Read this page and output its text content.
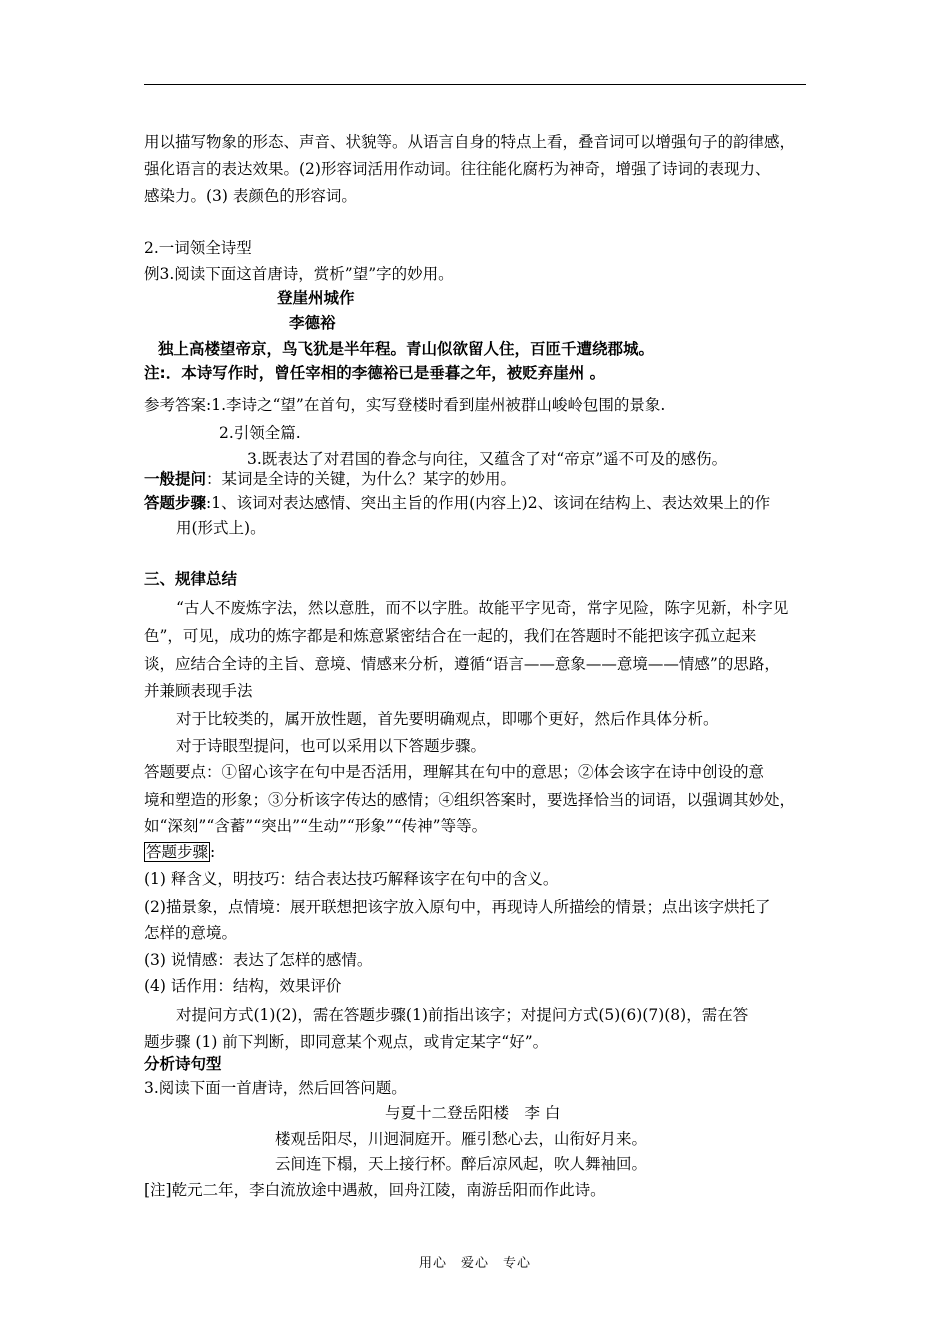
用以描写物象的形态、声音、状貌等。从语言自身的特点上看，叠音词可以增强句子的韵律感，
强化语言的表达效果。(2)形容词活用作动词。往往能化腐朽为神奇，增强了诗词的表现力、
感染力。(3) 表颜色的形容词。
2.一词领全诗型
例3.阅读下面这首唐诗，赏析”望”字的妙用。
登崖州城作
李德裕
独上高楼望帝京，鸟飞犹是半年程。青山似欲留人住，百匝千遭绕郡城。
注:．本诗写作时，曾任宰相的李德裕已是垂暮之年，被贬弃崖州 。
参考答案:1.李诗之“望”在首句，实写登楼时看到崖州被群山峻岭包围的景象.
2.引领全篇.
3.既表达了对君国的眷念与向往，又蕴含了对“帝京”遥不可及的感伤。
一般提问：某词是全诗的关键，为什么？某字的妙用。
答题步骤:1、该词对表达感情、突出主旨的作用(内容上)2、该词在结构上、表达效果上的作
用(形式上)。
三、规律总结
“古人不废炼字法，然以意胜，而不以字胜。故能平字见奇，常字见险，陈字见新，朴字见
色”，可见，成功的炼字都是和炼意紧密结合在一起的，我们在答题时不能把该字孤立起来
谈，应结合全诗的主旨、意境、情感来分析，遵循“语言——意象——意境——情感”的思路，
并兼顾表现手法
对于比较类的，属开放性题，首先要明确观点，即哪个更好，然后作具体分析。
对于诗眼型提问，也可以采用以下答题步骤。
答题要点：①留心该字在句中是否活用，理解其在句中的意思；②体会该字在诗中创设的意
境和塑造的形象；③分析该字传达的感情；④组织答案时，要选择恰当的词语，以强调其妙处，
如“深刻”“含蓄”“突出”“生动”“形象”“传神”等等。
答题步骤 :
(1) 释含义，明技巧：结合表达技巧解释该字在句中的含义。
(2)描景象，点情境：展开联想把该字放入原句中，再现诗人所描绘的情景；点出该字烘托了
怎样的意境。
(3) 说情感：表达了怎样的感情。
(4) 话作用：结构，效果评价
对提问方式(1)(2)，需在答题步骤(1)前指出该字；对提问方式(5)(6)(7)(8)，需在答
题步骤 (1) 前下判断，即同意某个观点，或肯定某字“好”。
分析诗句型
3.阅读下面一首唐诗，然后回答问题。
与夏十二登岳阳楼　李 白
楼观岳阳尽，川迥洞庭开。雁引愁心去，山衔好月来。
云间连下榻，天上接行杯。醉后凉风起，吹人舞袖回。
[注]乾元二年，李白流放途中遇赦，回舟江陵，南游岳阳而作此诗。
用心　爱心　专心
